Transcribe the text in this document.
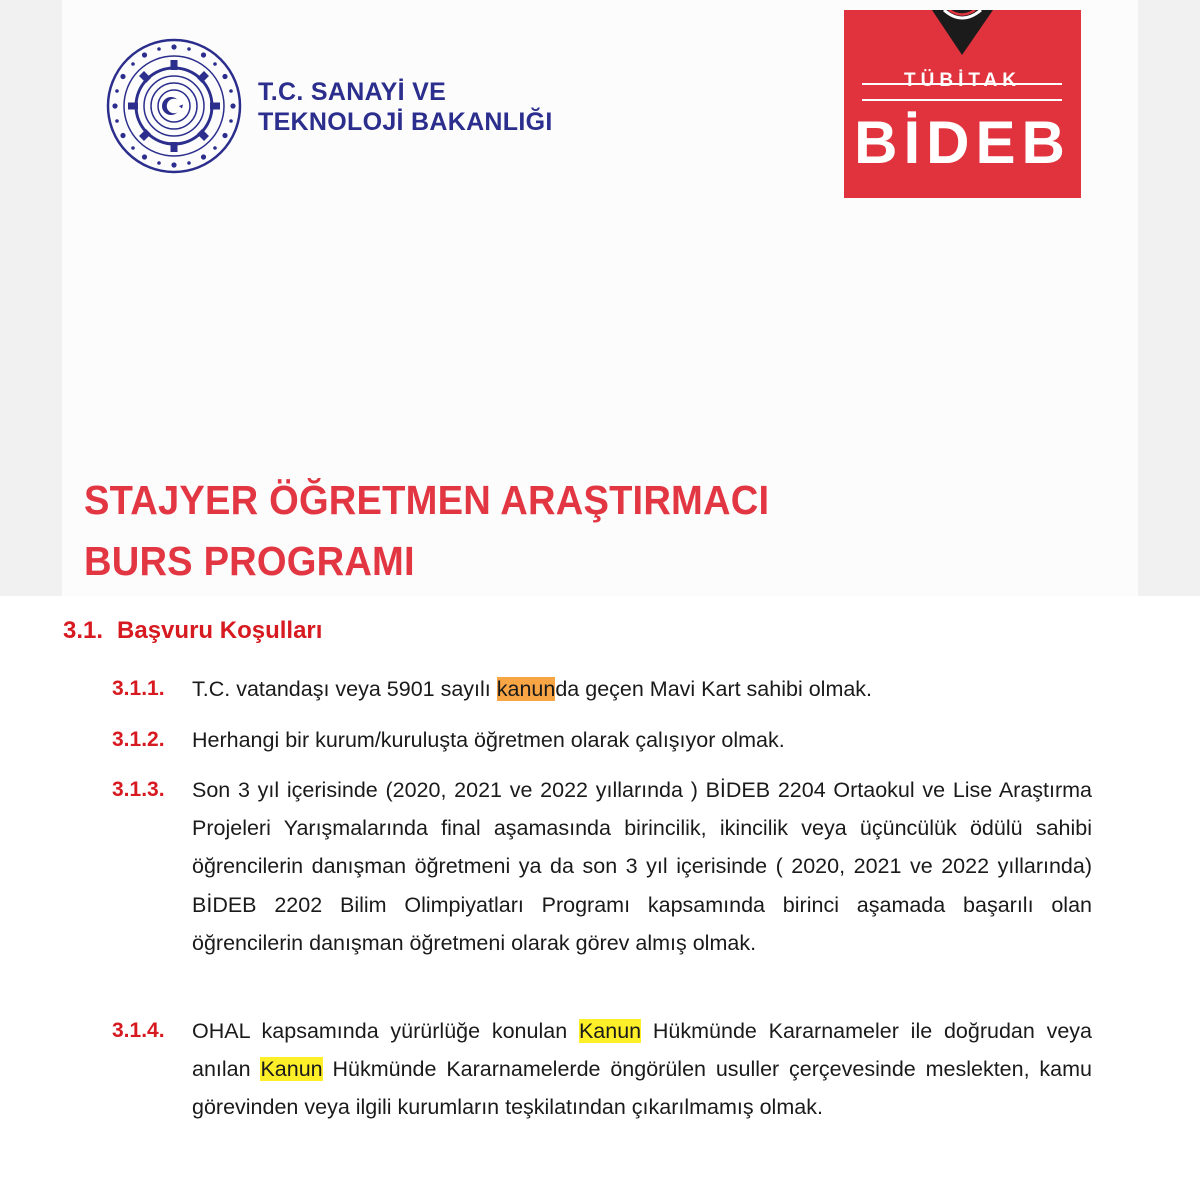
T.C. SANAYİ VE
TEKNOLOJİ BAKANLIĞI
TÜBİTAK
BİDEB
STAJYER ÖĞRETMEN ARAŞTIRMACI
BURS PROGRAMI
3.1. Başvuru Koşulları
3.1.1.	T.C. vatandaşı veya 5901 sayılı kanunda geçen Mavi Kart sahibi olmak.
3.1.2.	Herhangi bir kurum/kuruluşta öğretmen olarak çalışıyor olmak.
3.1.3.	Son 3 yıl içerisinde (2020, 2021 ve 2022 yıllarında ) BİDEB 2204 Ortaokul ve Lise Araştırma Projeleri Yarışmalarında final aşamasında birincilik, ikincilik veya üçüncülük ödülü sahibi öğrencilerin danışman öğretmeni ya da son 3 yıl içerisinde ( 2020, 2021 ve 2022 yıllarında) BİDEB 2202 Bilim Olimpiyatları Programı kapsamında birinci aşamada başarılı olan öğrencilerin danışman öğretmeni olarak görev almış olmak.
3.1.4.	OHAL kapsamında yürürlüğe konulan Kanun Hükmünde Kararnameler ile doğrudan veya anılan Kanun Hükmünde Kararnamelerde öngörülen usuller çerçevesinde meslekten, kamu görevinden veya ilgili kurumların teşkilatından çıkarılmamış olmak.
